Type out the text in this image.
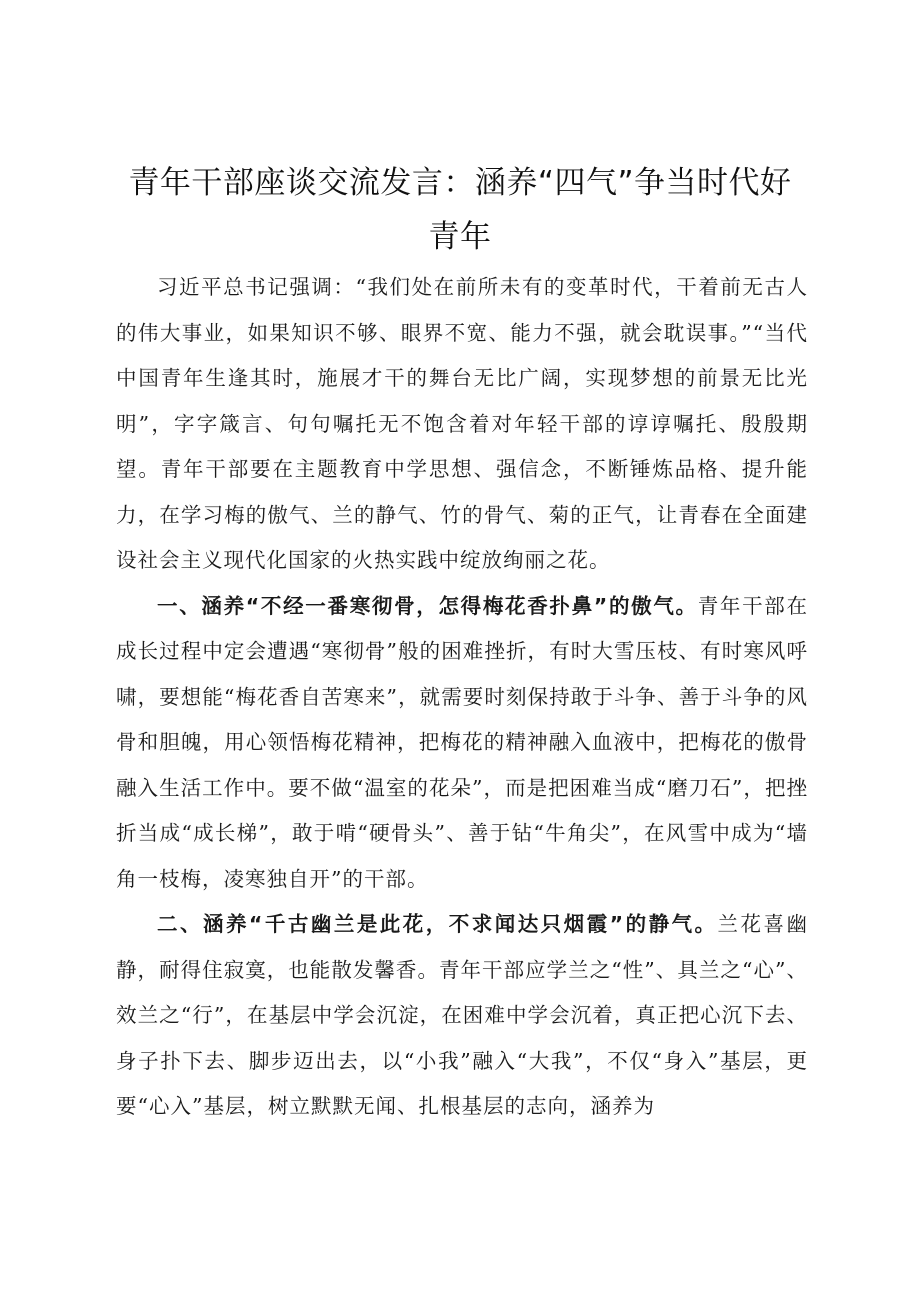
青年干部座谈交流发言：涵养“四气”争当时代好青年

习近平总书记强调：“我们处在前所未有的变革时代，干着前无古人的伟大事业，如果知识不够、眼界不宽、能力不强，就会耽误事。”“当代中国青年生逢其时，施展才干的舞台无比广阔，实现梦想的前景无比光明”，字字箴言、句句嘱托无不饱含着对年轻干部的谆谆嘱托、殷殷期望。青年干部要在主题教育中学思想、强信念，不断锤炼品格、提升能力，在学习梅的傲气、兰的静气、竹的骨气、菊的正气，让青春在全面建设社会主义现代化国家的火热实践中绽放绚丽之花。

一、涵养“不经一番寒彻骨，怎得梅花香扑鼻”的傲气。青年干部在成长过程中定会遭遇“寒彻骨”般的困难挫折，有时大雪压枝、有时寒风呼啸，要想能“梅花香自苦寒来”，就需要时刻保持敢于斗争、善于斗争的风骨和胆魄，用心领悟梅花精神，把梅花的精神融入血液中，把梅花的傲骨融入生活工作中。要不做“温室的花朵”，而是把困难当成“磨刀石”，把挫折当成“成长梯”，敢于啃“硬骨头”、善于钻“牛角尖”，在风雪中成为“墙角一枝梅，凌寒独自开”的干部。

二、涵养“千古幽兰是此花，不求闻达只烟霞”的静气。兰花喜幽静，耐得住寂寞，也能散发馨香。青年干部应学兰之“性”、具兰之“心”、效兰之“行”，在基层中学会沉淀，在困难中学会沉着，真正把心沉下去、身子扑下去、脚步迈出去，以“小我”融入“大我”，不仅“身入”基层，更要“心入”基层，树立默默无闻、扎根基层的志向，涵养为
